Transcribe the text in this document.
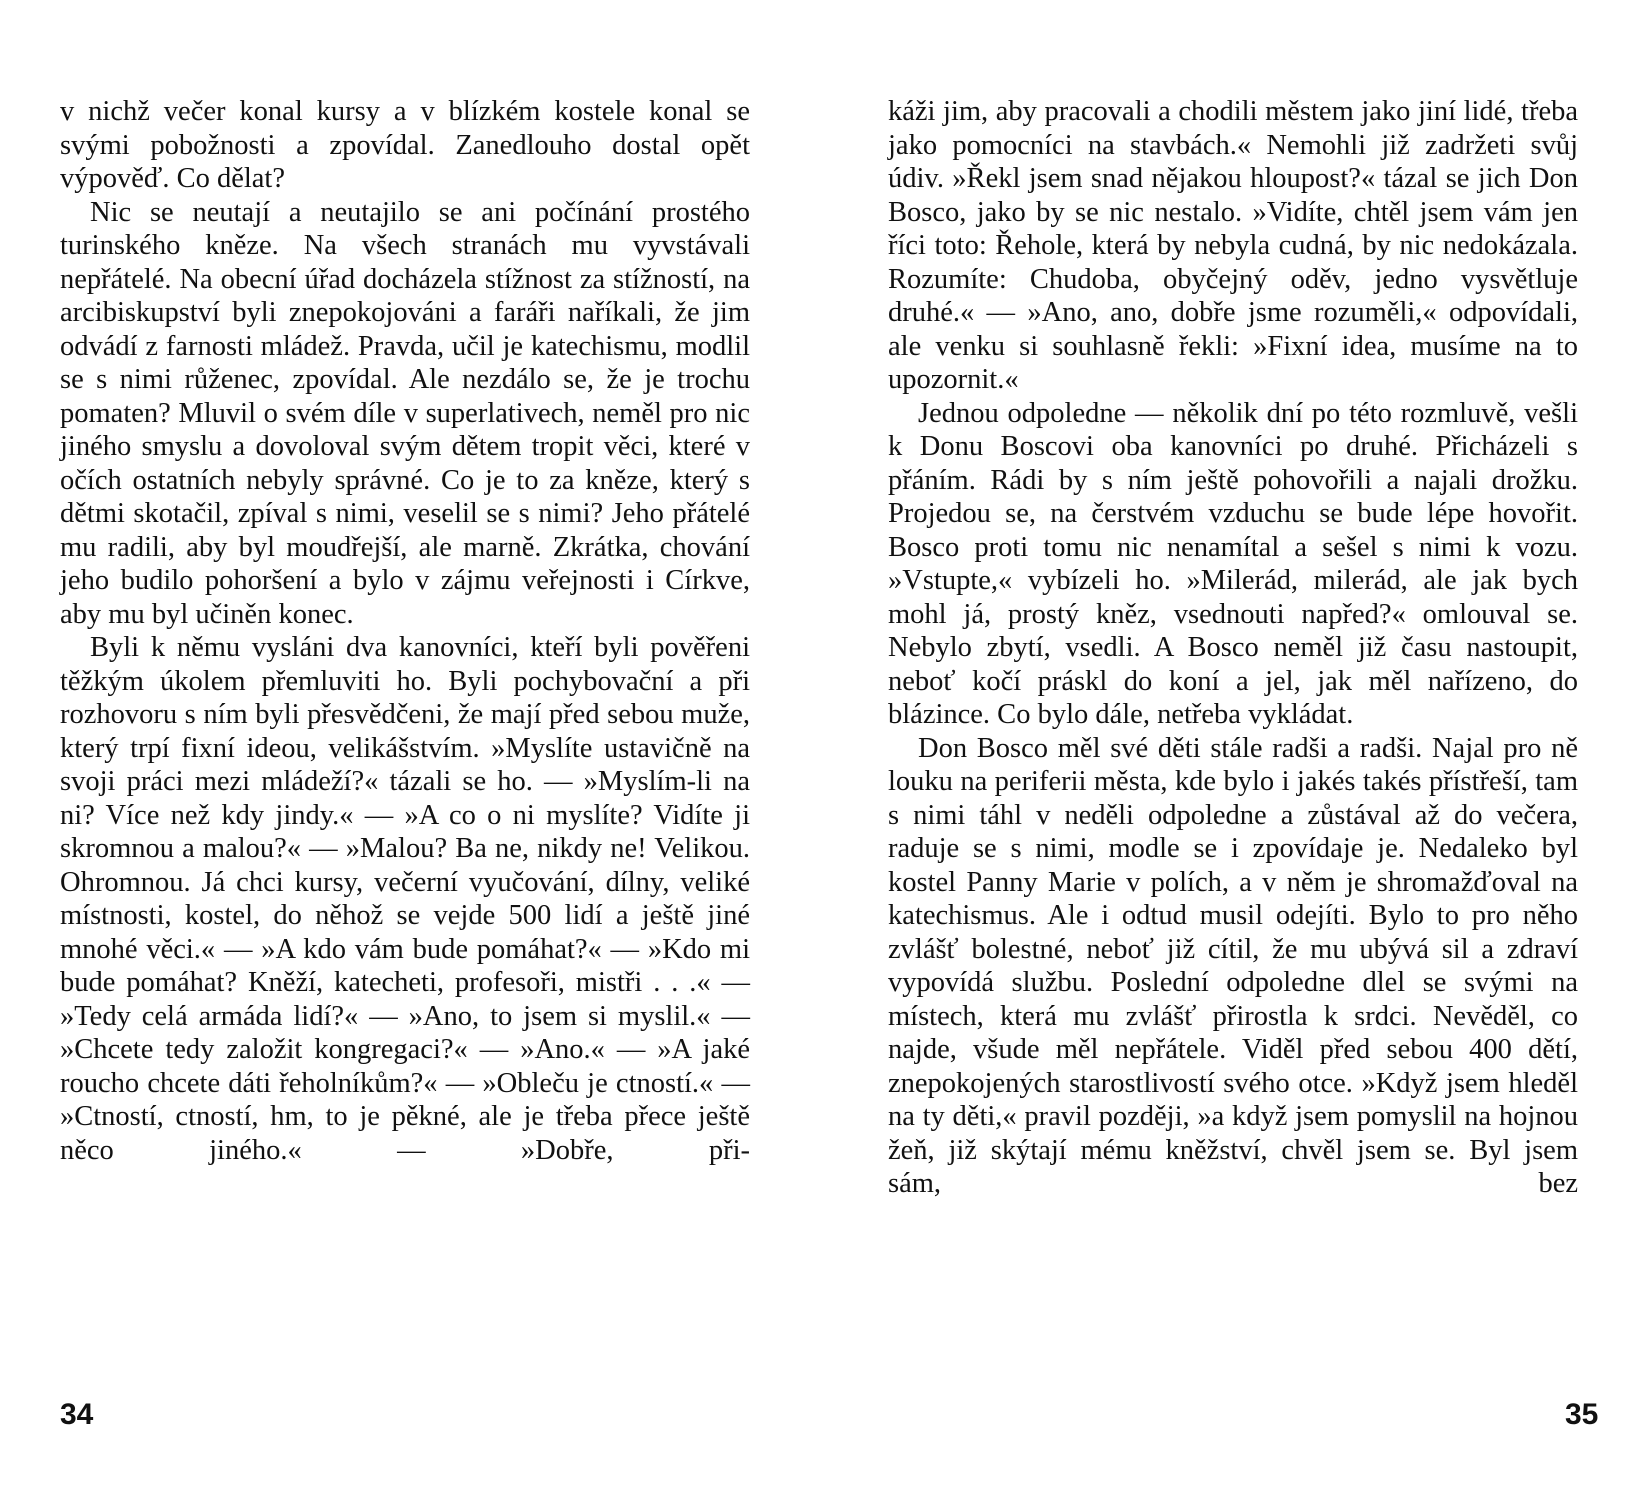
v nichž večer konal kursy a v blízkém kostele konal se svými pobožnosti a zpovídal. Zanedlouho dostal opět výpověď. Co dělat?

Nic se neutají a neutajilo se ani počínání prostého turinského kněze. Na všech stranách mu vyvstávali nepřátelé. Na obecní úřad docházela stížnost za stížností, na arcibiskupství byli znepokojováni a faráři naříkali, že jim odvádí z farnosti mládež. Pravda, učil je katechismu, modlil se s nimi růženec, zpovídal. Ale nezdálo se, že je trochu pomaten? Mluvil o svém díle v superlativech, neměl pro nic jiného smyslu a dovoloval svým dětem tropit věci, které v očích ostatních nebyly správné. Co je to za kněze, který s dětmi skotačil, zpíval s nimi, veselil se s nimi? Jeho přátelé mu radili, aby byl moudřejší, ale marně. Zkrátka, chování jeho budilo pohoršení a bylo v zájmu veřejnosti i Církve, aby mu byl učiněn konec.

Byli k němu vysláni dva kanovníci, kteří byli pověřeni těžkým úkolem přemluviti ho. Byli pochybovační a při rozhovoru s ním byli přesvědčeni, že mají před sebou muže, který trpí fixní ideou, velikášstvím. »Myslíte ustavičně na svoji práci mezi mládeží?« tázali se ho. — »Myslím-li na ni? Více než kdy jindy.« — »A co o ni myslíte? Vidíte ji skromnou a malou?« — »Malou? Ba ne, nikdy ne! Velikou. Ohromnou. Já chci kursy, večerní vyučování, dílny, veliké místnosti, kostel, do něhož se vejde 500 lidí a ještě jiné mnohé věci.« — »A kdo vám bude pomáhat?« — »Kdo mi bude pomáhat? Kněží, katecheti, profesoři, mistři . . .« — »Tedy celá armáda lidí?« — »Ano, to jsem si myslil.« — »Chcete tedy založit kongregaci?« — »Ano.« — »A jaké roucho chcete dáti řeholníkům?« — »Obleču je ctností.« — »Ctností, ctností, hm, to je pěkné, ale je třeba přece ještě něco jiného.« — »Dobře, při-

34

káži jim, aby pracovali a chodili městem jako jiní lidé, třeba jako pomocníci na stavbách.« Nemohli již zadržeti svůj údiv. »Řekl jsem snad nějakou hloupost?« tázal se jich Don Bosco, jako by se nic nestalo. »Vidíte, chtěl jsem vám jen říci toto: Řehole, která by nebyla cudná, by nic nedokázala. Rozumíte: Chudoba, obyčejný oděv, jedno vysvětluje druhé.« — »Ano, ano, dobře jsme rozuměli,« odpovídali, ale venku si souhlasně řekli: »Fixní idea, musíme na to upozornit.«

Jednou odpoledne — několik dní po této rozmluvě, vešli k Donu Boscovi oba kanovníci po druhé. Přicházeli s přáním. Rádi by s ním ještě pohovořili a najali drožku. Projedou se, na čerstvém vzduchu se bude lépe hovořit. Bosco proti tomu nic nenamítal a sešel s nimi k vozu. »Vstupte,« vybízeli ho. »Milerád, milerád, ale jak bych mohl já, prostý kněz, vsednouti napřed?« omlouval se. Nebylo zbytí, vsedli. A Bosco neměl již času nastoupit, neboť kočí práskl do koní a jel, jak měl nařízeno, do blázince. Co bylo dále, netřeba vykládat.

Don Bosco měl své děti stále radši a radši. Najal pro ně louku na periferii města, kde bylo i jakés takés přístřeší, tam s nimi táhl v neděli odpoledne a zůstával až do večera, raduje se s nimi, modle se i zpovídaje je. Nedaleko byl kostel Panny Marie v polích, a v něm je shromažďoval na katechismus. Ale i odtud musil odejíti. Bylo to pro něho zvlášť bolestné, neboť již cítil, že mu ubývá sil a zdraví vypovídá službu. Poslední odpoledne dlel se svými na místech, která mu zvlášť přirostla k srdci. Nevěděl, co najde, všude měl nepřátele. Viděl před sebou 400 dětí, znepokojených starostlivostí svého otce. »Když jsem hleděl na ty děti,« pravil později, »a když jsem pomyslil na hojnou žeň, již skýtají mému kněžství, chvěl jsem se. Byl jsem sám, bez

35
